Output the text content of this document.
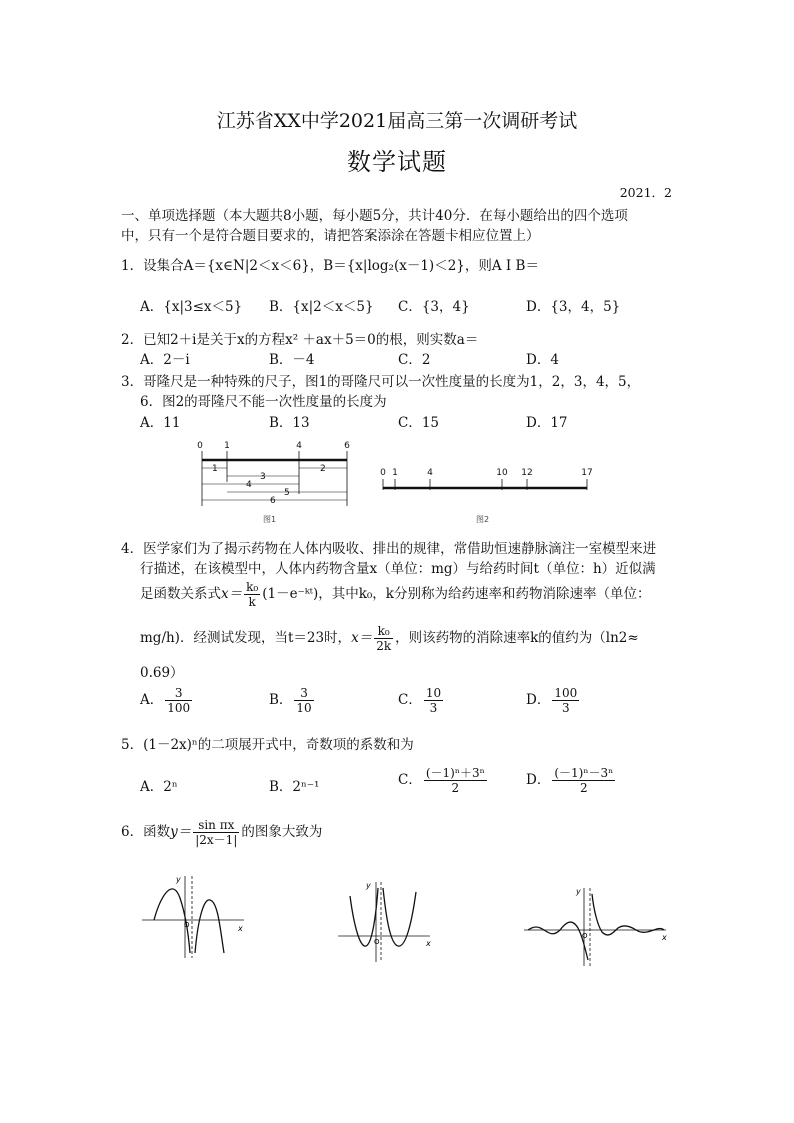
江苏省XX中学2021届高三第一次调研考试
数学试题
2021．2
一、单项选择题（本大题共8小题，每小题5分，共计40分．在每小题给出的四个选项
中，只有一个是符合题目要求的，请把答案添涂在答题卡相应位置上）
1．设集合A＝{x∈N|2＜x＜6}，B＝{x|log₂(x－1)＜2}，则A I B＝
A．{x|3≤x＜5} B．{x|2＜x＜5} C．{3，4}	D．{3，4，5}
2．已知2＋i是关于x的方程x² ＋ax＋5＝0的根，则实数a＝
A．2－i	B．－4	C．2	D．4
3．哥隆尺是一种特殊的尺子，图1的哥隆尺可以一次性度量的长度为1，2，3，4，5，
6．图2的哥隆尺不能一次性度量的长度为
A．11	B．13	C．15	D．17
0 1	4	6
1	2
3
4
5
6
图1
0 1	4	10 12	17
图2
4．医学家们为了揭示药物在人体内吸收、排出的规律，常借助恒速静脉滴注一室模型来进
行描述，在该模型中，人体内药物含量x（单位：mg）与给药时间t（单位：h）近似满
足函数关系式$x= \frac{\text{k₀}}{k}$ (1－e⁻ᵏᵗ)，其中k₀，k分别称为给药速率和药物消除速率（单位：
mg/h)．经测试发现，当t＝23时，$x= \frac{\text{k₀}}{2k}$ ，则该药物的消除速率k的值约为（ln2≈
0.69）
A． $\frac{3}{100}$	B． $\frac{3}{10}$	C． $\frac{10}{3}$	D． $\frac{100}{3}$
5．(1－2x)ⁿ的二项展开式中，奇数项的系数和为
A．2ⁿ	B．2ⁿ⁻¹	C． $\frac{\text{(－1)ⁿ＋3ⁿ}}{2}$	D． $\frac{\text{(－1)ⁿ－3ⁿ}}{2}$
6．函数$y= \frac{\text{sin πx}}{|2x-1|}$ 的图象大致为
y
x
O
y
x
O
y
x
O
